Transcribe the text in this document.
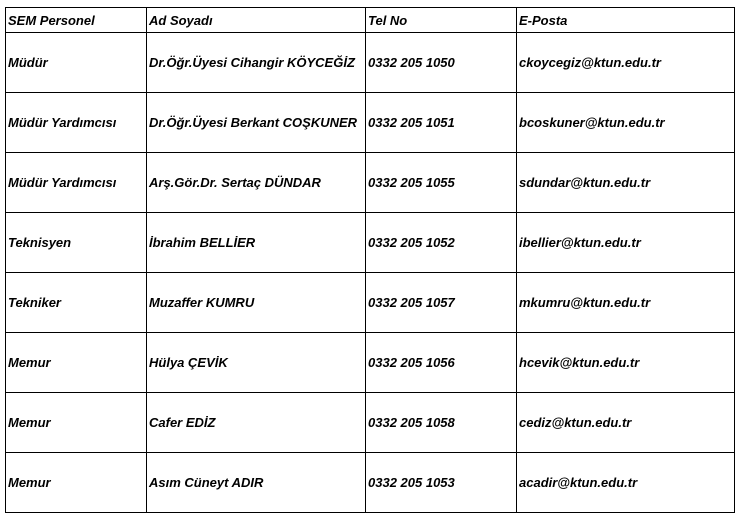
SEM Personel	Ad Soyadı	Tel No	E-Posta
Müdür	Dr.Öğr.Üyesi Cihangir KÖYCEĞİZ	0332 205 1050	ckoycegiz@ktun.edu.tr
Müdür Yardımcısı	Dr.Öğr.Üyesi Berkant COŞKUNER	0332 205 1051	bcoskuner@ktun.edu.tr
Müdür Yardımcısı	Arş.Gör.Dr. Sertaç DÜNDAR	0332 205 1055	sdundar@ktun.edu.tr
Teknisyen	İbrahim BELLİER	0332 205 1052	ibellier@ktun.edu.tr
Tekniker	Muzaffer KUMRU	0332 205 1057	mkumru@ktun.edu.tr
Memur	Hülya ÇEVİK	0332 205 1056	hcevik@ktun.edu.tr
Memur	Cafer EDİZ	0332 205 1058	cediz@ktun.edu.tr
Memur	Asım Cüneyt ADIR	0332 205 1053	acadir@ktun.edu.tr
